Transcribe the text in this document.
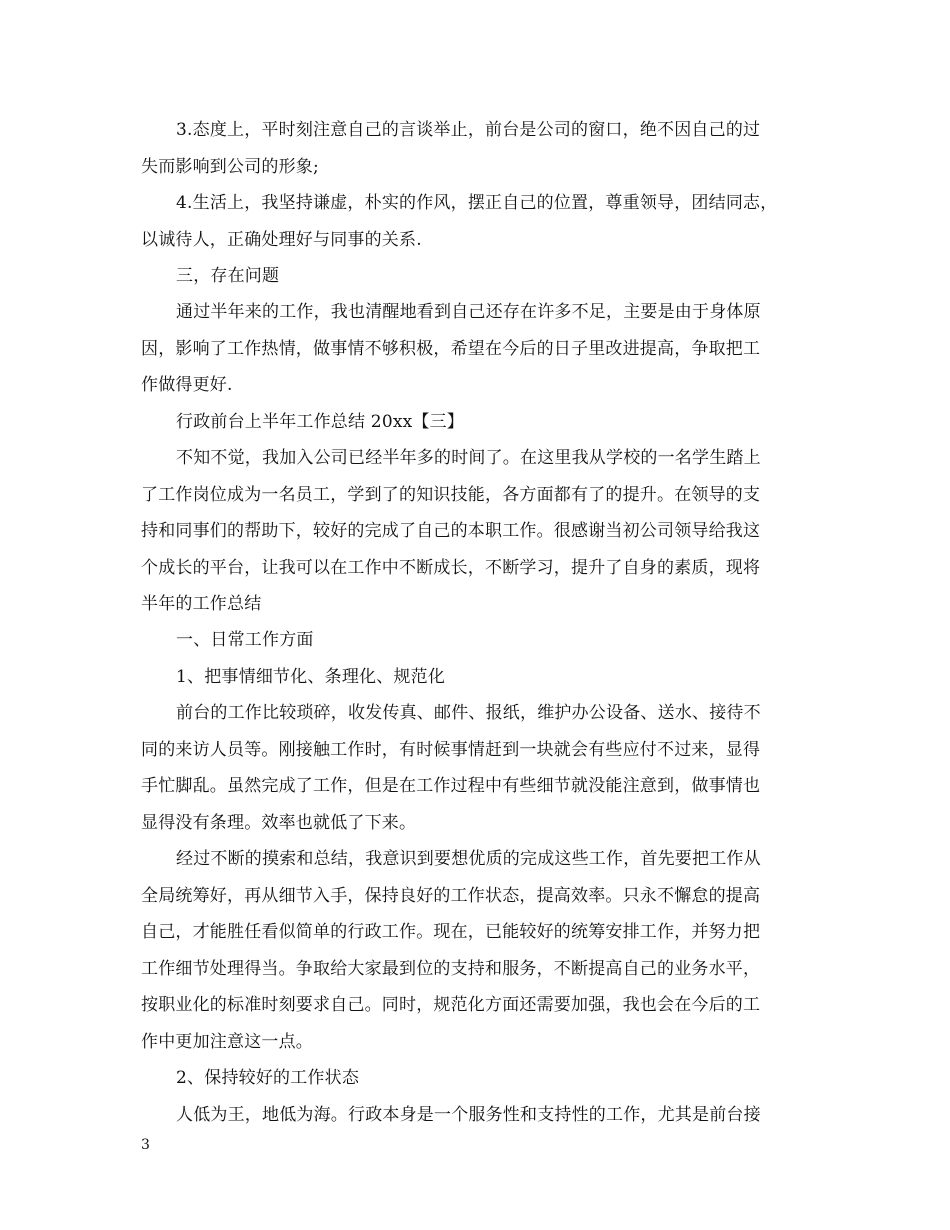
3.态度上，平时刻注意自己的言谈举止，前台是公司的窗口，绝不因自己的过
失而影响到公司的形象;
4.生活上，我坚持谦虚，朴实的作风，摆正自己的位置，尊重领导，团结同志，
以诚待人，正确处理好与同事的关系.
三，存在问题
通过半年来的工作，我也清醒地看到自己还存在许多不足，主要是由于身体原
因，影响了工作热情，做事情不够积极，希望在今后的日子里改进提高，争取把工
作做得更好.
行政前台上半年工作总结 20xx【三】
不知不觉，我加入公司已经半年多的时间了。在这里我从学校的一名学生踏上
了工作岗位成为一名员工，学到了的知识技能，各方面都有了的提升。在领导的支
持和同事们的帮助下，较好的完成了自己的本职工作。很感谢当初公司领导给我这
个成长的平台，让我可以在工作中不断成长，不断学习，提升了自身的素质，现将
半年的工作总结
一、日常工作方面
1、把事情细节化、条理化、规范化
前台的工作比较琐碎，收发传真、邮件、报纸，维护办公设备、送水、接待不
同的来访人员等。刚接触工作时，有时候事情赶到一块就会有些应付不过来，显得
手忙脚乱。虽然完成了工作，但是在工作过程中有些细节就没能注意到，做事情也
显得没有条理。效率也就低了下来。
经过不断的摸索和总结，我意识到要想优质的完成这些工作，首先要把工作从
全局统筹好，再从细节入手，保持良好的工作状态，提高效率。只永不懈怠的提高
自己，才能胜任看似简单的行政工作。现在，已能较好的统筹安排工作，并努力把
工作细节处理得当。争取给大家最到位的支持和服务，不断提高自己的业务水平，
按职业化的标准时刻要求自己。同时，规范化方面还需要加强，我也会在今后的工
作中更加注意这一点。
2、保持较好的工作状态
人低为王，地低为海。行政本身是一个服务性和支持性的工作，尤其是前台接
3
